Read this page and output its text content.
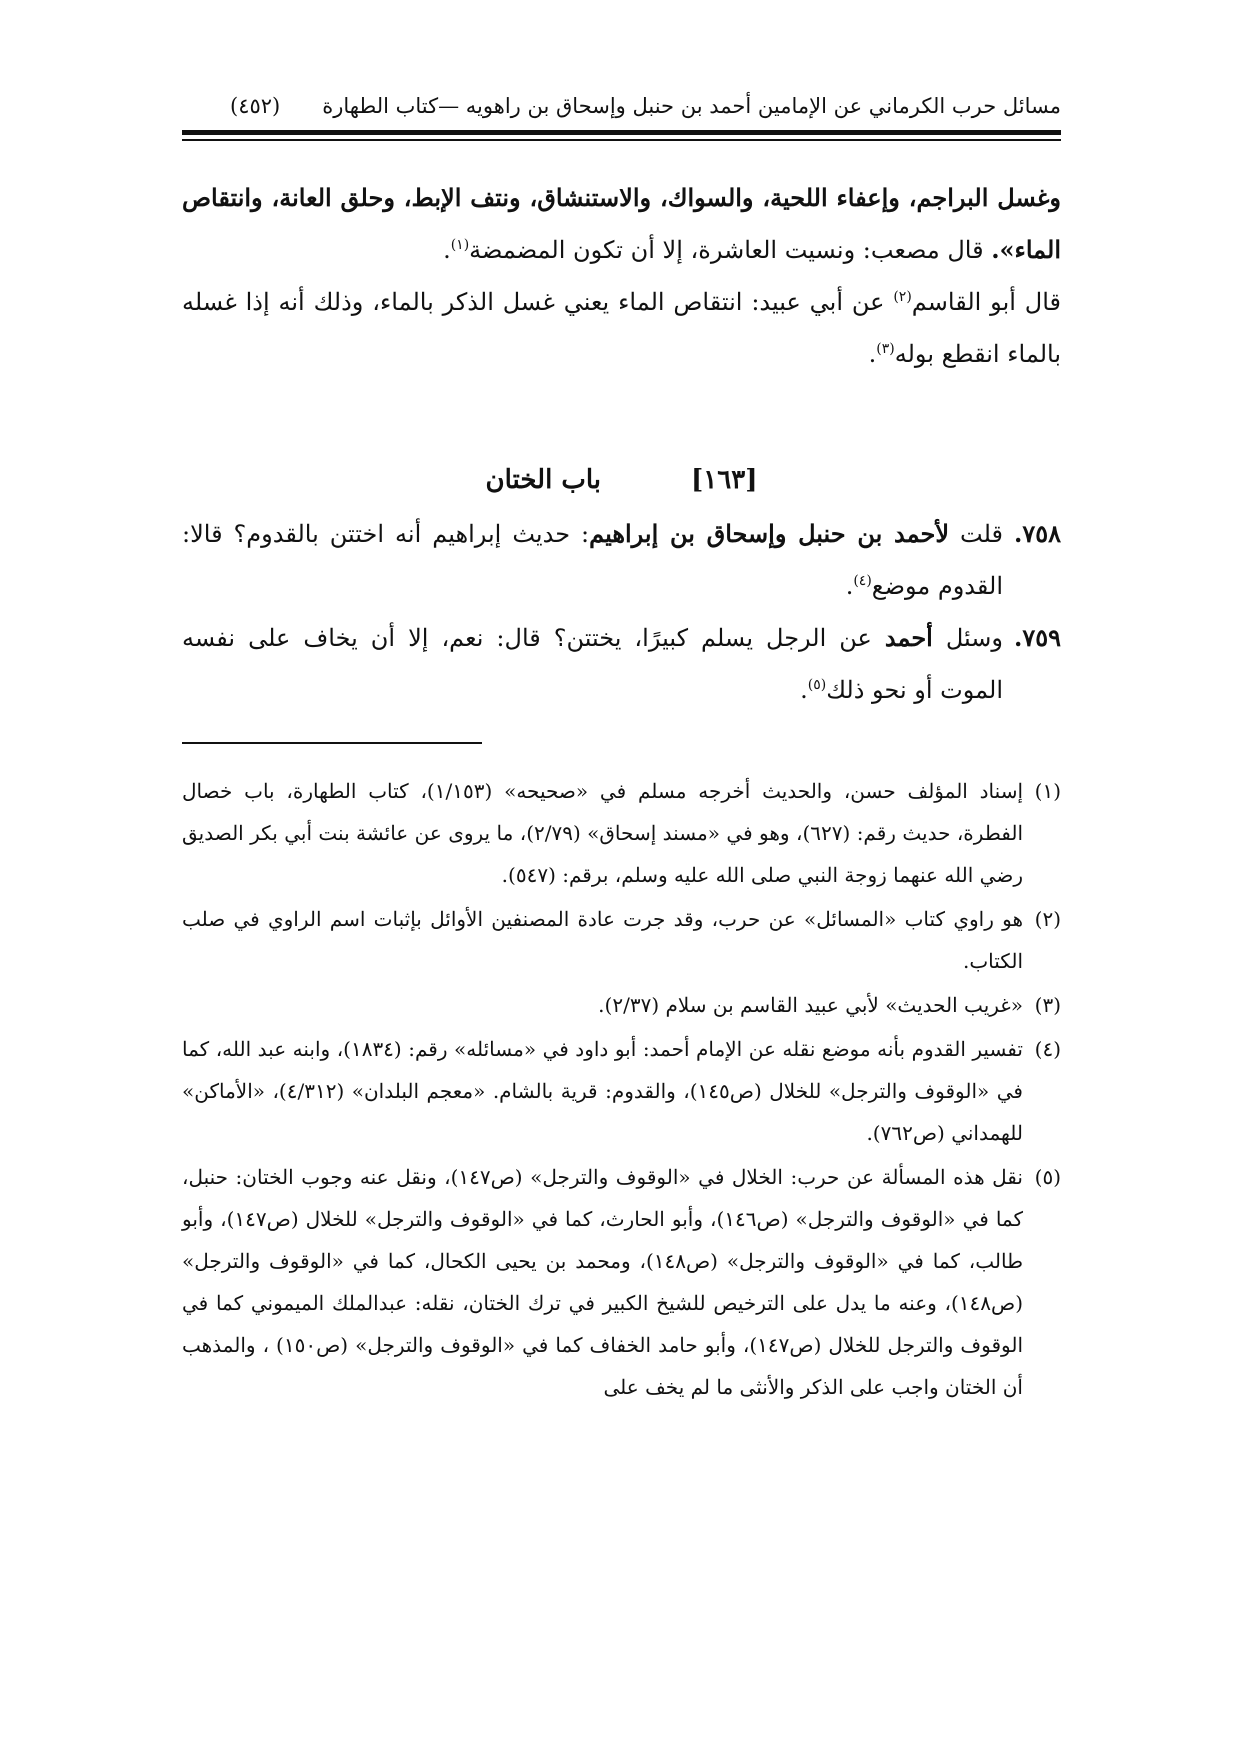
مسائل حرب الكرماني عن الإمامين أحمد بن حنبل وإسحاق بن راهويه —كتاب الطهارة
(٤٥٢)

وغسل البراجم، وإعفاء اللحية، والسواك، والاستنشاق، ونتف الإبط، وحلق العانة، وانتقاص الماء». قال مصعب: ونسيت العاشرة، إلا أن تكون المضمضة$^{(١)}$.

قال أبو القاسم$^{(٢)}$ عن أبي عبيد: انتقاص الماء يعني غسل الذكر بالماء، وذلك أنه إذا غسله بالماء انقطع بوله$^{(٣)}$.

[١٦٣]
باب الختان
٧٥٨.
قلت لأحمد بن حنبل وإسحاق بن إبراهيم: حديث إبراهيم أنه اختتن بالقدوم؟ قالا: القدوم موضع$^{(٤)}$.
٧٥٩.
وسئل أحمد عن الرجل يسلم كبيرًا، يختتن؟ قال: نعم، إلا أن يخاف على نفسه الموت أو نحو ذلك$^{(٥)}$.
(١)
إسناد المؤلف حسن، والحديث أخرجه مسلم في «صحيحه» (١/١٥٣)، كتاب الطهارة، باب خصال الفطرة، حديث رقم: (٦٢٧)، وهو في «مسند إسحاق» (٢/٧٩)، ما يروى عن عائشة بنت أبي بكر الصديق رضي الله عنهما زوجة النبي صلى الله عليه وسلم، برقم: (٥٤٧).
(٢)
هو راوي كتاب «المسائل» عن حرب، وقد جرت عادة المصنفين الأوائل بإثبات اسم الراوي في صلب الكتاب.
(٣)
«غريب الحديث» لأبي عبيد القاسم بن سلام (٢/٣٧).
(٤)
تفسير القدوم بأنه موضع نقله عن الإمام أحمد: أبو داود في «مسائله» رقم: (١٨٣٤)، وابنه عبد الله، كما في «الوقوف والترجل» للخلال (ص١٤٥)، والقدوم: قرية بالشام. «معجم البلدان» (٤/٣١٢)، «الأماكن» للهمداني (ص٧٦٢).
(٥)
نقل هذه المسألة عن حرب: الخلال في «الوقوف والترجل» (ص١٤٧)، ونقل عنه وجوب الختان: حنبل، كما في «الوقوف والترجل» (ص١٤٦)، وأبو الحارث، كما في «الوقوف والترجل» للخلال (ص١٤٧)، وأبو طالب، كما في «الوقوف والترجل» (ص١٤٨)، ومحمد بن يحيى الكحال، كما في «الوقوف والترجل» (ص١٤٨)، وعنه ما يدل على الترخيص للشيخ الكبير في ترك الختان، نقله: عبدالملك الميموني كما في الوقوف والترجل للخلال (ص١٤٧)، وأبو حامد الخفاف كما في «الوقوف والترجل» (ص١٥٠) ، والمذهب أن الختان واجب على الذكر والأنثى ما لم يخف على
